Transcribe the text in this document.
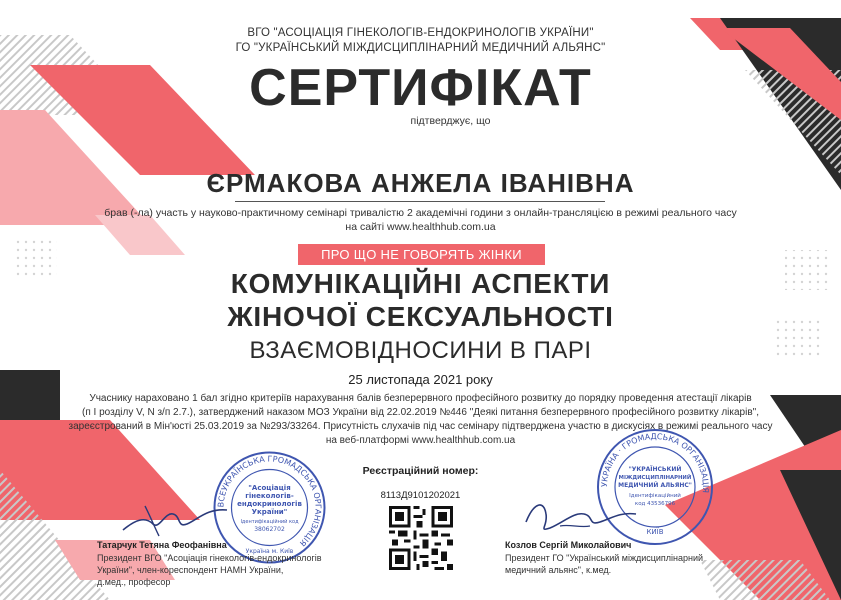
ВГО "АСОЦІАЦІЯ ГІНЕКОЛОГІВ-ЕНДОКРИНОЛОГІВ УКРАЇНИ"
ГО "УКРАЇНСЬКИЙ МІЖДИСЦИПЛІНАРНИЙ МЕДИЧНИЙ АЛЬЯНС"
СЕРТИФІКАТ
підтверджує, що
ЄРМАКОВА АНЖЕЛА ІВАНІВНА
брав (-ла) участь у науково-практичному семінарі тривалістю 2 академічні години з онлайн-трансляцією в режимі реального часу
на сайті www.healthhub.com.ua
ПРО ЩО НЕ ГОВОРЯТЬ ЖІНКИ
КОМУНІКАЦІЙНІ АСПЕКТИ
ЖІНОЧОЇ СЕКСУАЛЬНОСТІ
ВЗАЄМОВІДНОСИНИ В ПАРІ
25 листопада 2021 року
Учаснику нараховано 1 бал згідно критеріїв нарахування балів безперервного професійного розвитку до порядку проведення атестації лікарів
(п I розділу V, N з/п 2.7.), затверджений наказом МОЗ України від 22.02.2019 №446 "Деякі питання безперервного професійного розвитку лікарів",
зареєстрований в Мін'юсті 25.03.2019 за №293/33264. Присутність слухачів під час семінару підтверджена участю в дискусіях в режимі реального часу
на веб-платформі www.healthhub.com.ua
Реєстраційний номер:
8113Д9101202021
ВСЕУКРАЇНСЬКА ГРОМАДСЬКА ОРГАНІЗАЦІЯ
"Асоціація
гінекологів-
ендокринологів
України"
Ідентифікаційний код
38062702
Україна м. Київ
Татарчук Тетяна Феофанівна
Президент ВГО "Асоціація гінекологів-ендокринологів
України", член-кореспондент НАМН України,
д.мед., професор
УКРАЇНА · ГРОМАДСЬКА ОРГАНІЗАЦІЯ
"УКРАЇНСЬКИЙ
МІЖДИСЦИПЛІНАРНИЙ
МЕДИЧНИЙ АЛЬЯНС"
Ідентифікаційний
код 43536796
КИЇВ
Козлов Сергій Миколайович
Президент ГО "Український міждисциплінарний
медичний альянс", к.мед.
